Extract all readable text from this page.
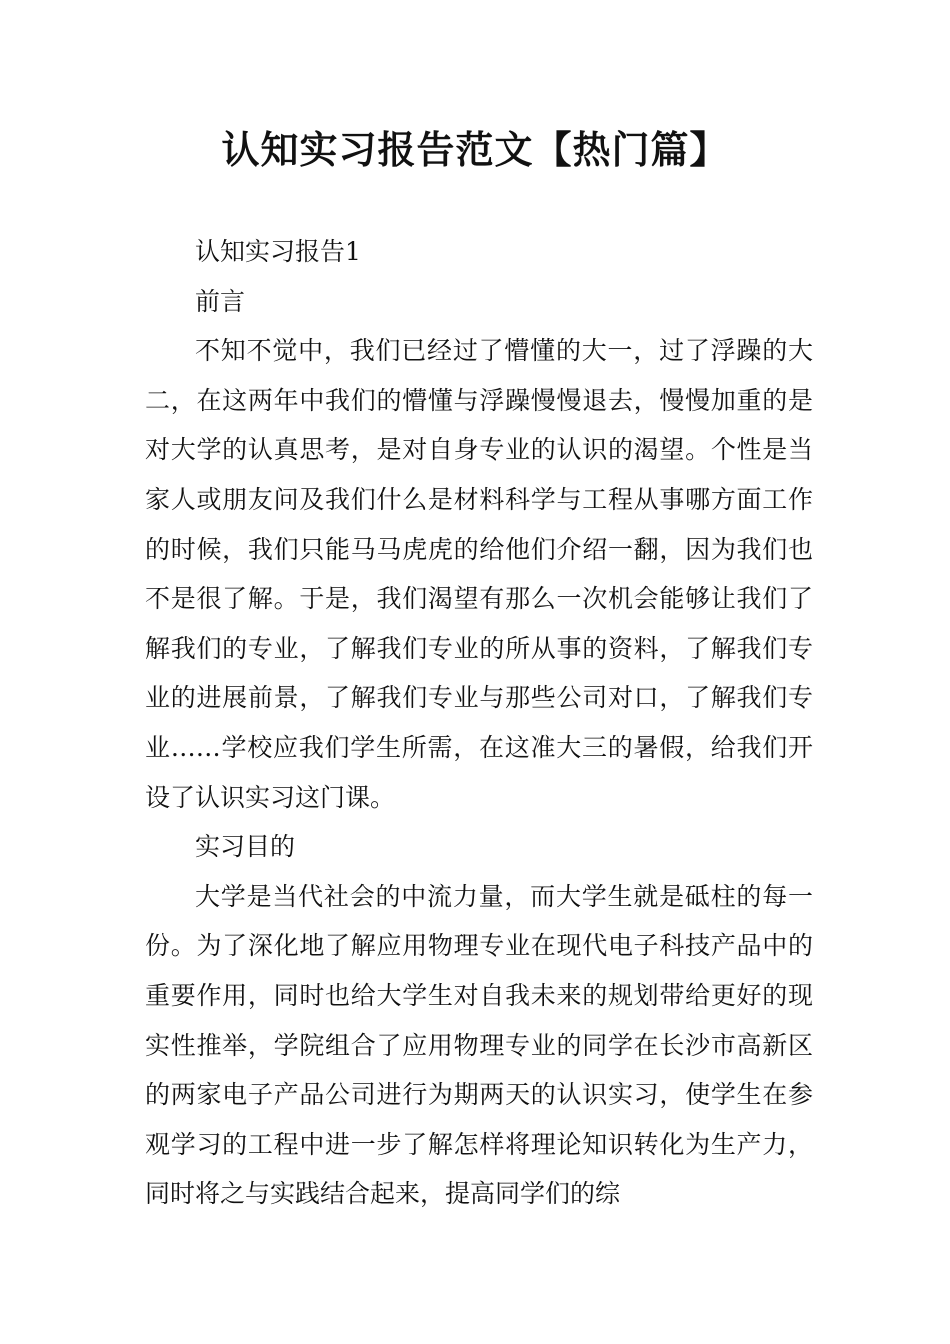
认知实习报告范文【热门篇】

认知实习报告1

前言

不知不觉中，我们已经过了懵懂的大一，过了浮躁的大二，在这两年中我们的懵懂与浮躁慢慢退去，慢慢加重的是对大学的认真思考，是对自身专业的认识的渴望。个性是当家人或朋友问及我们什么是材料科学与工程从事哪方面工作的时候，我们只能马马虎虎的给他们介绍一翻，因为我们也不是很了解。于是，我们渴望有那么一次机会能够让我们了解我们的专业，了解我们专业的所从事的资料，了解我们专业的进展前景，了解我们专业与那些公司对口，了解我们专业……学校应我们学生所需，在这准大三的暑假，给我们开设了认识实习这门课。

实习目的

大学是当代社会的中流力量，而大学生就是砥柱的每一份。为了深化地了解应用物理专业在现代电子科技产品中的重要作用，同时也给大学生对自我未来的规划带给更好的现实性推举，学院组合了应用物理专业的同学在长沙市高新区的两家电子产品公司进行为期两天的认识实习，使学生在参观学习的工程中进一步了解怎样将理论知识转化为生产力，同时将之与实践结合起来，提高同学们的综
